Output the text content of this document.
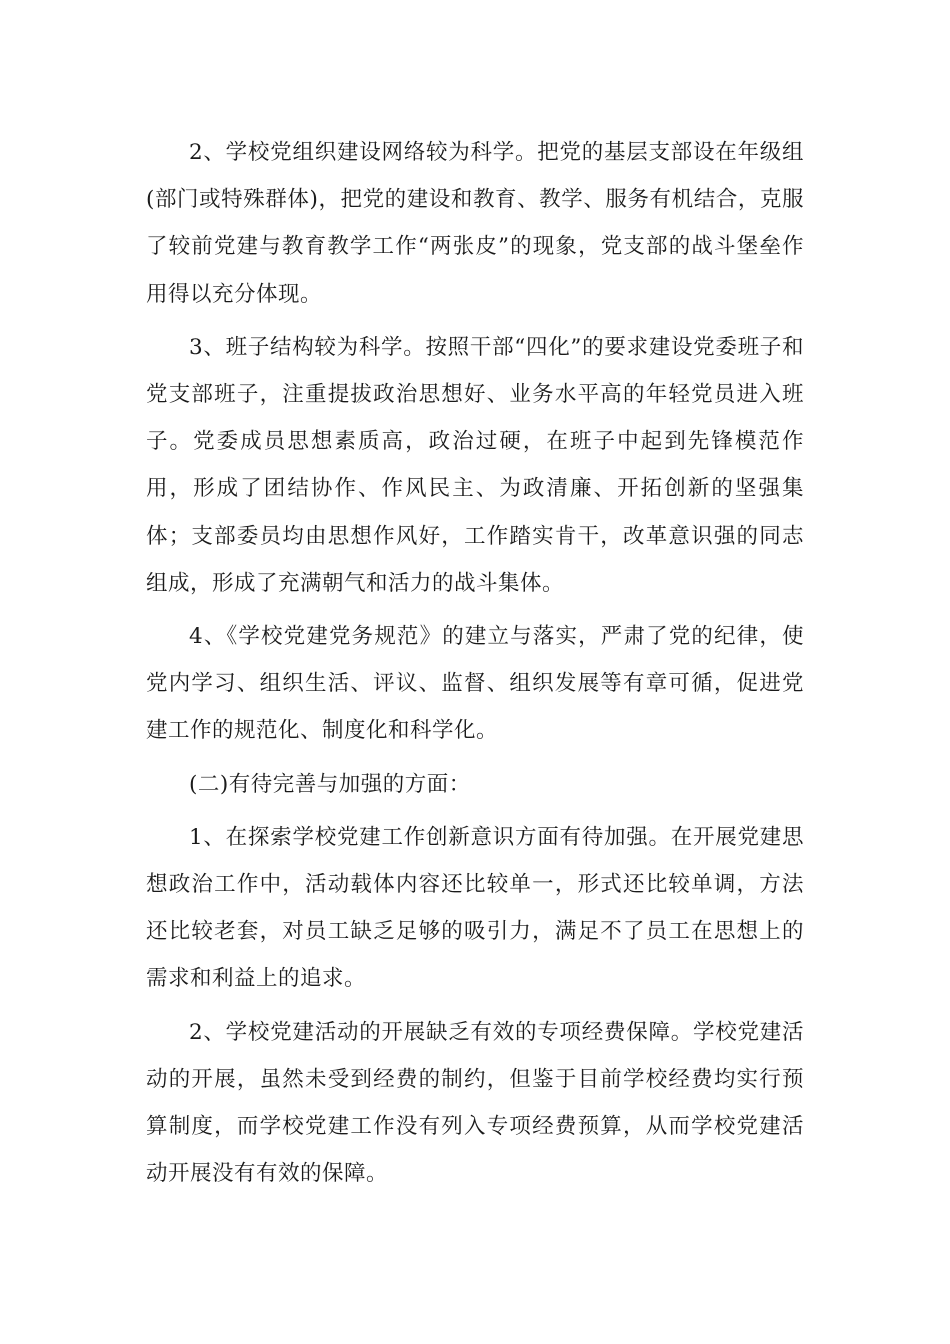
2、学校党组织建设网络较为科学。把党的基层支部设在年级组(部门或特殊群体)，把党的建设和教育、教学、服务有机结合，克服了较前党建与教育教学工作“两张皮”的现象，党支部的战斗堡垒作用得以充分体现。

3、班子结构较为科学。按照干部“四化”的要求建设党委班子和党支部班子，注重提拔政治思想好、业务水平高的年轻党员进入班子。党委成员思想素质高，政治过硬，在班子中起到先锋模范作用，形成了团结协作、作风民主、为政清廉、开拓创新的坚强集体；支部委员均由思想作风好，工作踏实肯干，改革意识强的同志组成，形成了充满朝气和活力的战斗集体。

4、《学校党建党务规范》的建立与落实，严肃了党的纪律，使党内学习、组织生活、评议、监督、组织发展等有章可循，促进党建工作的规范化、制度化和科学化。

(二)有待完善与加强的方面：

1、在探索学校党建工作创新意识方面有待加强。在开展党建思想政治工作中，活动载体内容还比较单一，形式还比较单调，方法还比较老套，对员工缺乏足够的吸引力，满足不了员工在思想上的需求和利益上的追求。

2、学校党建活动的开展缺乏有效的专项经费保障。学校党建活动的开展，虽然未受到经费的制约，但鉴于目前学校经费均实行预算制度，而学校党建工作没有列入专项经费预算，从而学校党建活动开展没有有效的保障。
